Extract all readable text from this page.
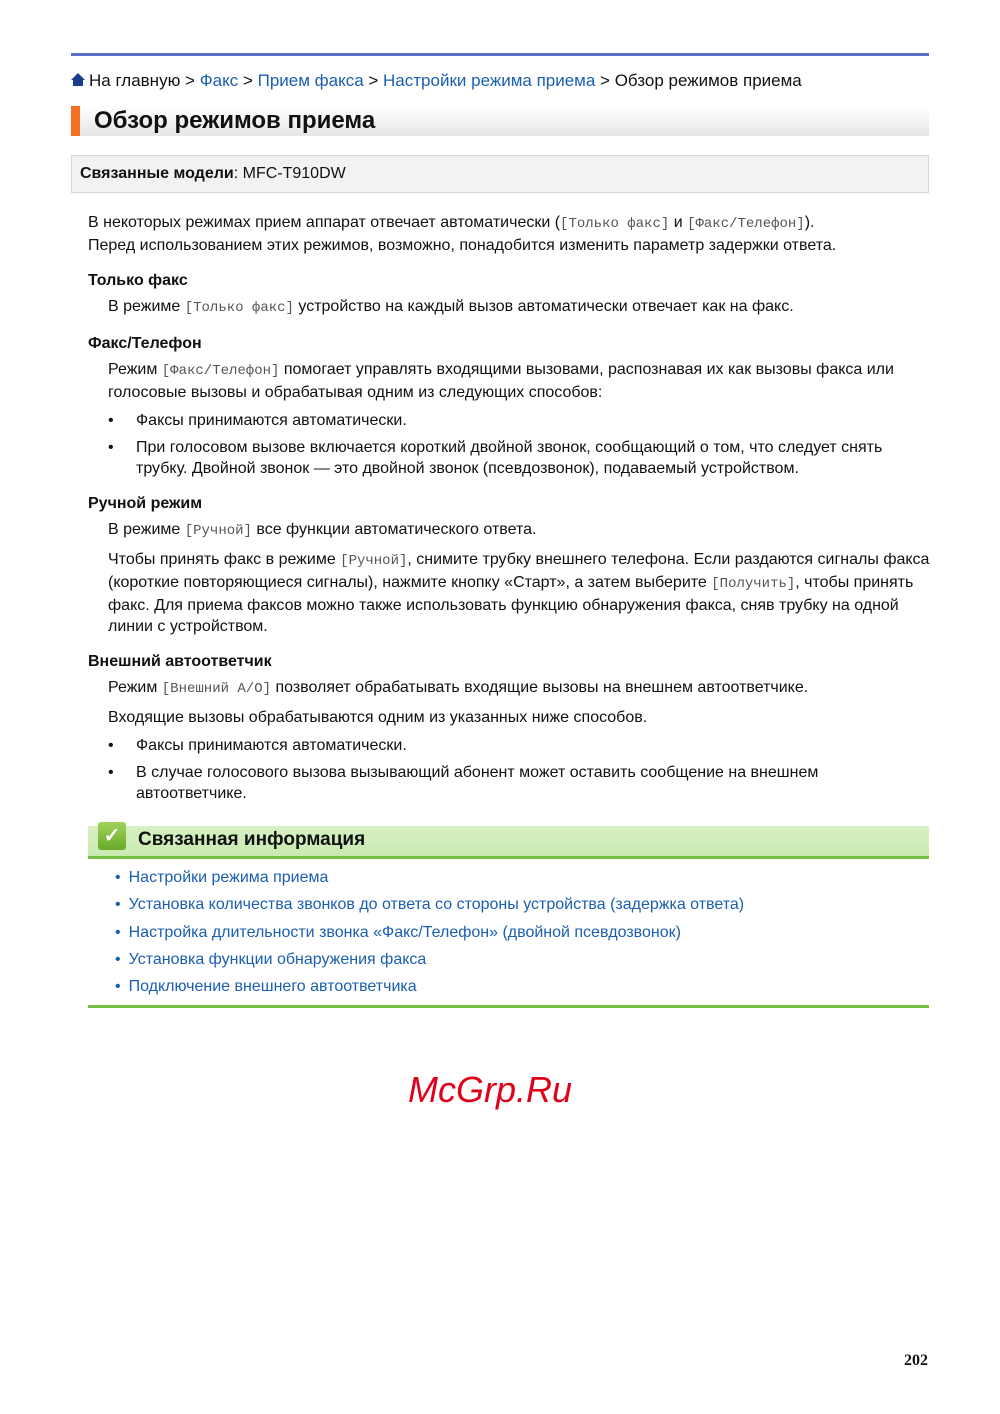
На главную > Факс > Прием факса > Настройки режима приема > Обзор режимов приема
Обзор режимов приема
Связанные модели: MFC-T910DW

В некоторых режимах прием аппарат отвечает автоматически ([Только факс] и [Факс/Телефон]).
Перед использованием этих режимов, возможно, понадобится изменить параметр задержки ответа.

Только факс

В режиме [Только факс] устройство на каждый вызов автоматически отвечает как на факс.

Факс/Телефон

Режим [Факс/Телефон] помогает управлять входящими вызовами, распознавая их как вызовы факса или голосовые вызовы и обрабатывая одним из следующих способов:

• Факсы принимаются автоматически.
• При голосовом вызове включается короткий двойной звонок, сообщающий о том, что следует снять трубку. Двойной звонок — это двойной звонок (псевдозвонок), подаваемый устройством.
Ручной режим

В режиме [Ручной] все функции автоматического ответа.

Чтобы принять факс в режиме [Ручной], снимите трубку внешнего телефона. Если раздаются сигналы факса (короткие повторяющиеся сигналы), нажмите кнопку «Старт», а затем выберите [Получить], чтобы принять факс. Для приема факсов можно также использовать функцию обнаружения факса, сняв трубку на одной линии с устройством.

Внешний автоответчик

Режим [Внешний А/О] позволяет обрабатывать входящие вызовы на внешнем автоответчике.

Входящие вызовы обрабатываются одним из указанных ниже способов.

• Факсы принимаются автоматически.
• В случае голосового вызова вызывающий абонент может оставить сообщение на внешнем автоответчике.
✓ Связанная информация
• Настройки режима приема
• Установка количества звонков до ответа со стороны устройства (задержка ответа)
• Настройка длительности звонка «Факс/Телефон» (двойной псевдозвонок)
• Установка функции обнаружения факса
• Подключение внешнего автоответчика
McGrp.Ru
202
